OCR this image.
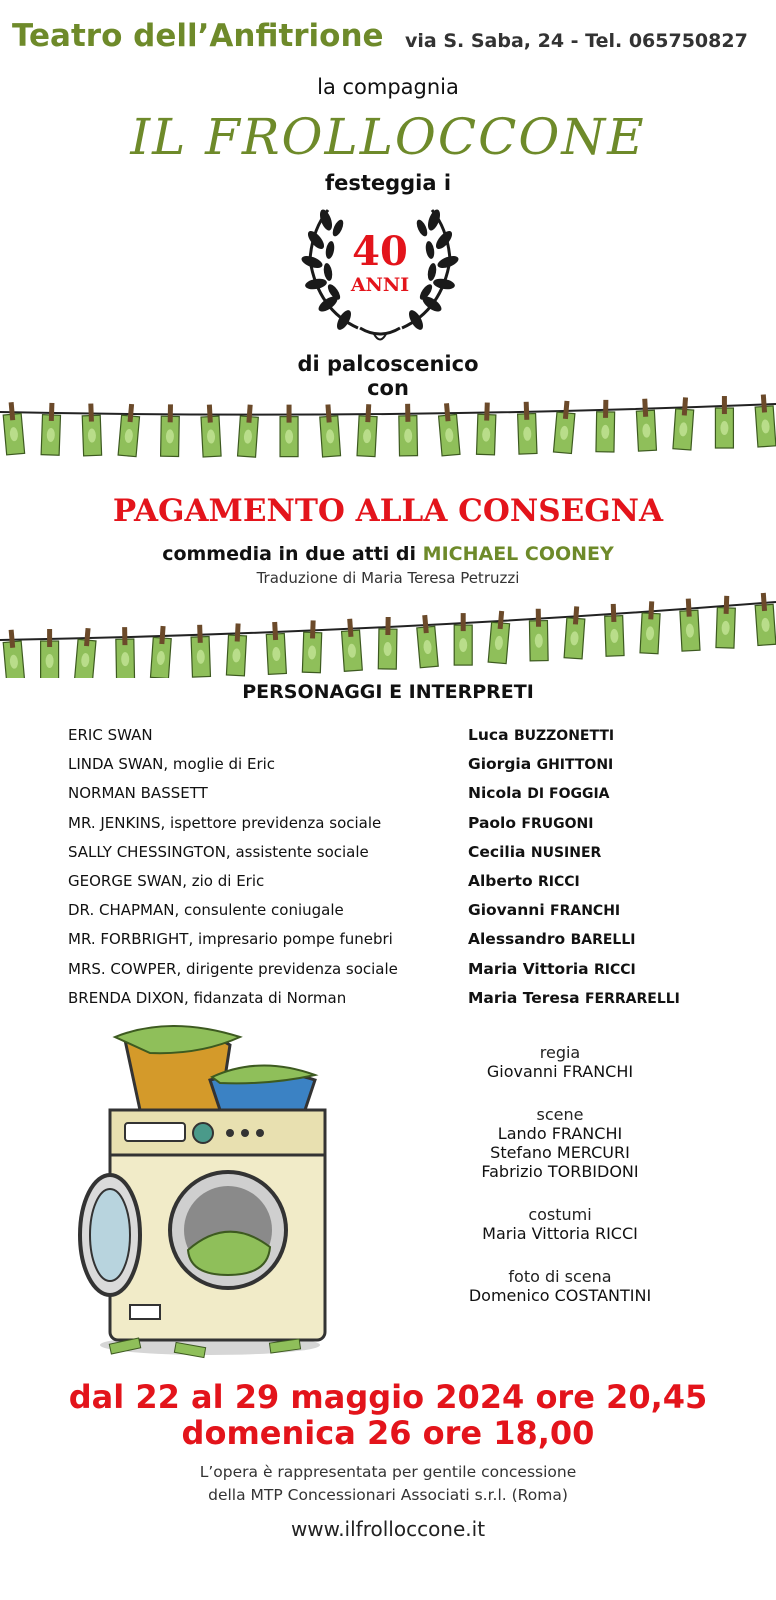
Teatro dell’Anfitrione via S. Saba, 24 - Tel. 065750827
la compagnia
IL FROLLOCCONE
festeggia i
40
ANNI
di palcoscenico
con
PAGAMENTO ALLA CONSEGNA
commedia in due atti di MICHAEL COONEY
Traduzione di Maria Teresa Petruzzi
PERSONAGGI E INTERPRETI
ERIC SWAN	Luca BUZZONETTI
LINDA SWAN, moglie di Eric	Giorgia GHITTONI
NORMAN BASSETT	Nicola DI FOGGIA
MR. JENKINS, ispettore previdenza sociale	Paolo FRUGONI
SALLY CHESSINGTON, assistente sociale	Cecilia NUSINER
GEORGE SWAN, zio di Eric	Alberto RICCI
DR. CHAPMAN, consulente coniugale	Giovanni FRANCHI
MR. FORBRIGHT, impresario pompe funebri	Alessandro BARELLI
MRS. COWPER, dirigente previdenza sociale	Maria Vittoria RICCI
BRENDA DIXON, fidanzata di Norman	Maria Teresa FERRARELLI
regia
Giovanni FRANCHI
scene
Lando FRANCHI
Stefano MERCURI
Fabrizio TORBIDONI
costumi
Maria Vittoria RICCI
foto di scena
Domenico COSTANTINI
dal 22 al 29 maggio 2024 ore 20,45
domenica 26 ore 18,00
L’opera è rappresentata per gentile concessione
della MTP Concessionari Associati s.r.l. (Roma)
www.ilfrolloccone.it
